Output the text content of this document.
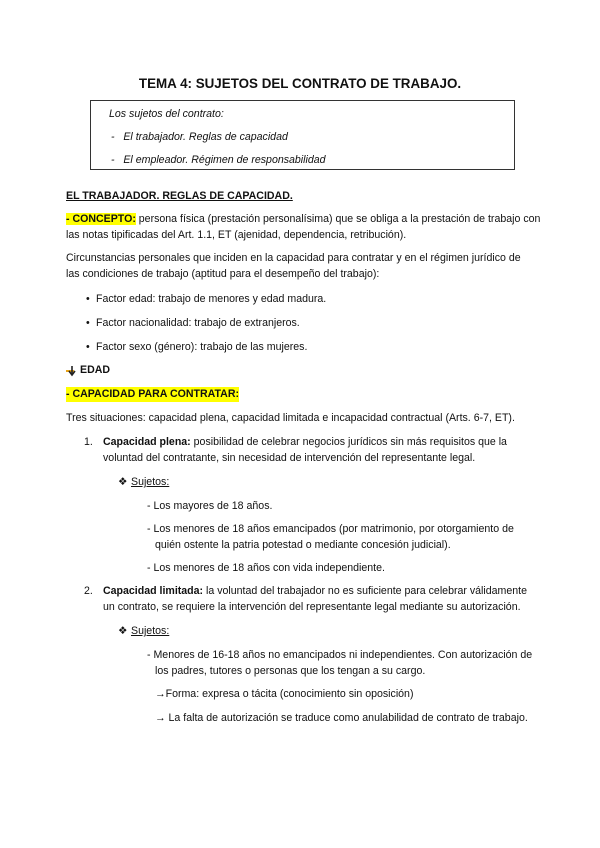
TEMA 4: SUJETOS DEL CONTRATO DE TRABAJO.
Los sujetos del contrato:
-   El trabajador. Reglas de capacidad
-   El empleador. Régimen de responsabilidad
EL TRABAJADOR. REGLAS DE CAPACIDAD.
- CONCEPTO: persona física (prestación personalísima) que se obliga a la prestación de trabajo con
las notas tipificadas del Art. 1.1, ET (ajenidad, dependencia, retribución).
Circunstancias personales que inciden en la capacidad para contratar y en el régimen jurídico de
las condiciones de trabajo (aptitud para el desempeño del trabajo):
• Factor edad: trabajo de menores y edad madura.
• Factor nacionalidad: trabajo de extranjeros.
• Factor sexo (género): trabajo de las mujeres.
EDAD
- CAPACIDAD PARA CONTRATAR:
Tres situaciones: capacidad plena, capacidad limitada e incapacidad contractual (Arts. 6-7, ET).
1. Capacidad plena: posibilidad de celebrar negocios jurídicos sin más requisitos que la
voluntad del contratante, sin necesidad de intervención del representante legal.
❖ Sujetos:
- Los mayores de 18 años.
- Los menores de 18 años emancipados (por matrimonio, por otorgamiento de
quién ostente la patria potestad o mediante concesión judicial).
- Los menores de 18 años con vida independiente.
2. Capacidad limitada: la voluntad del trabajador no es suficiente para celebrar válidamente
un contrato, se requiere la intervención del representante legal mediante su autorización.
❖ Sujetos:
- Menores de 16-18 años no emancipados ni independientes. Con autorización de
los padres, tutores o personas que los tengan a su cargo.
→Forma: expresa o tácita (conocimiento sin oposición)
→ La falta de autorización se traduce como anulabilidad de contrato de trabajo.
